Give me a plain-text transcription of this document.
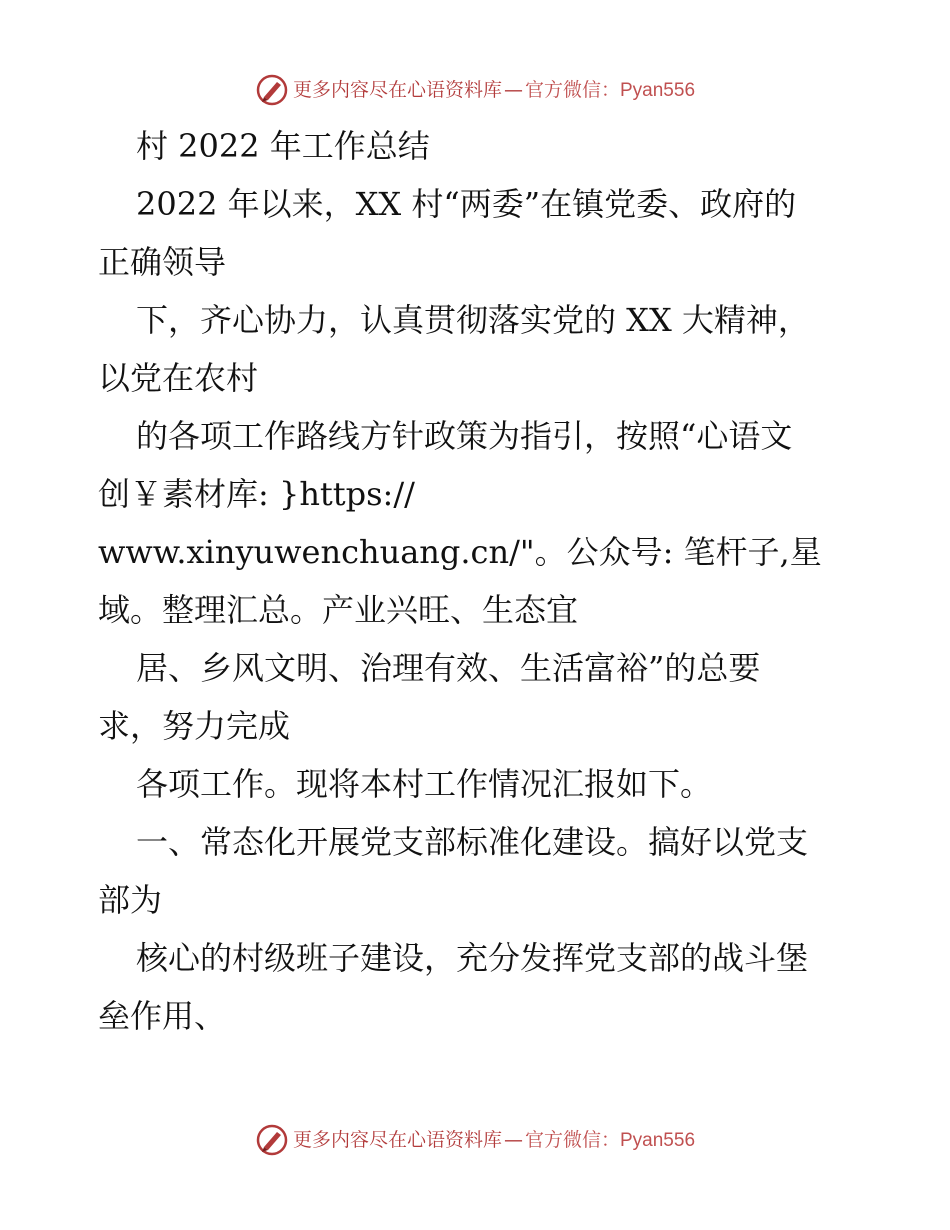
更多内容尽在心语资料库 — 官方微信： Pyan556
村 2022 年工作总结
2022 年以来，XX 村“两委”在镇党委、政府的
正确领导
下，齐心协力，认真贯彻落实党的 XX 大精神，
以党在农村
的各项工作路线方针政策为指引，按照“心语文
创￥素材库: }https://
www.xinyuwenchuang.cn/"。公众号: 笔杆子,星
域。整理汇总。产业兴旺、生态宜
居、乡风文明、治理有效、生活富裕”的总要
求，努力完成
各项工作。现将本村工作情况汇报如下。
一、常态化开展党支部标准化建设。搞好以党支
部为
核心的村级班子建设，充分发挥党支部的战斗堡
垒作用、
更多内容尽在心语资料库 — 官方微信： Pyan556
